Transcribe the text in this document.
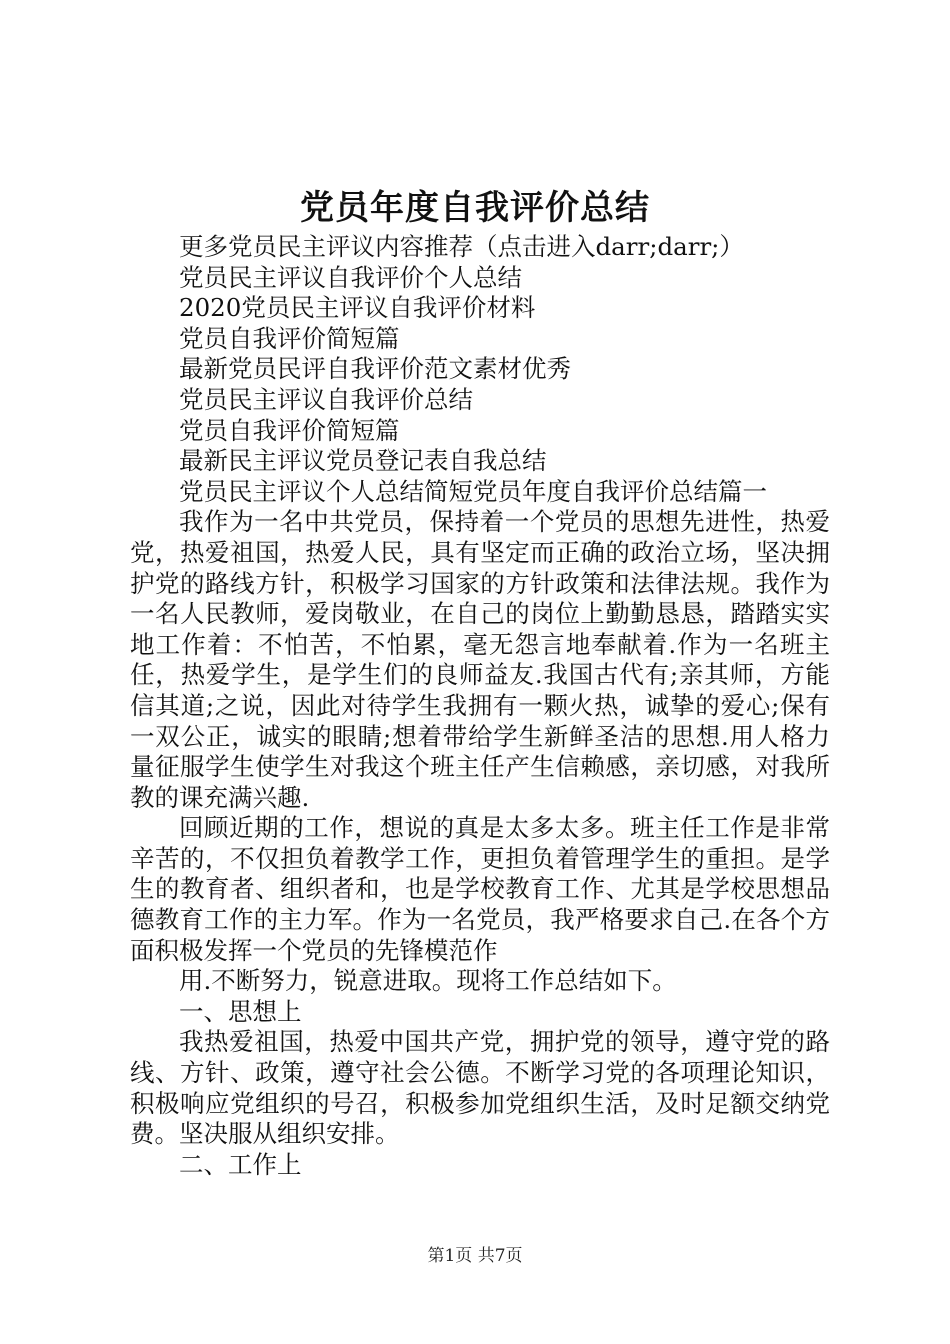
党员年度自我评价总结
更多党员民主评议内容推荐（点击进入darr;darr;）
党员民主评议自我评价个人总结
2020党员民主评议自我评价材料
党员自我评价简短篇
最新党员民评自我评价范文素材优秀
党员民主评议自我评价总结
党员自我评价简短篇
最新民主评议党员登记表自我总结
党员民主评议个人总结简短党员年度自我评价总结篇一

我作为一名中共党员，保持着一个党员的思想先进性，热爱党，热爱祖国，热爱人民，具有坚定而正确的政治立场，坚决拥护党的路线方针，积极学习国家的方针政策和法律法规。我作为一名人民教师，爱岗敬业，在自己的岗位上勤勤恳恳，踏踏实实地工作着：不怕苦，不怕累，毫无怨言地奉献着.作为一名班主任，热爱学生，是学生们的良师益友.我国古代有;亲其师，方能信其道;之说，因此对待学生我拥有一颗火热，诚挚的爱心;保有一双公正，诚实的眼睛;想着带给学生新鲜圣洁的思想.用人格力量征服学生使学生对我这个班主任产生信赖感，亲切感，对我所教的课充满兴趣.

回顾近期的工作，想说的真是太多太多。班主任工作是非常辛苦的，不仅担负着教学工作，更担负着管理学生的重担。是学生的教育者、组织者和，也是学校教育工作、尤其是学校思想品德教育工作的主力军。作为一名党员，我严格要求自己.在各个方面积极发挥一个党员的先锋模范作

用.不断努力，锐意进取。现将工作总结如下。

一、思想上

我热爱祖国，热爱中国共产党，拥护党的领导，遵守党的路线、方针、政策，遵守社会公德。不断学习党的各项理论知识，积极响应党组织的号召，积极参加党组织生活，及时足额交纳党费。坚决服从组织安排。

二、工作上
第1页 共7页
